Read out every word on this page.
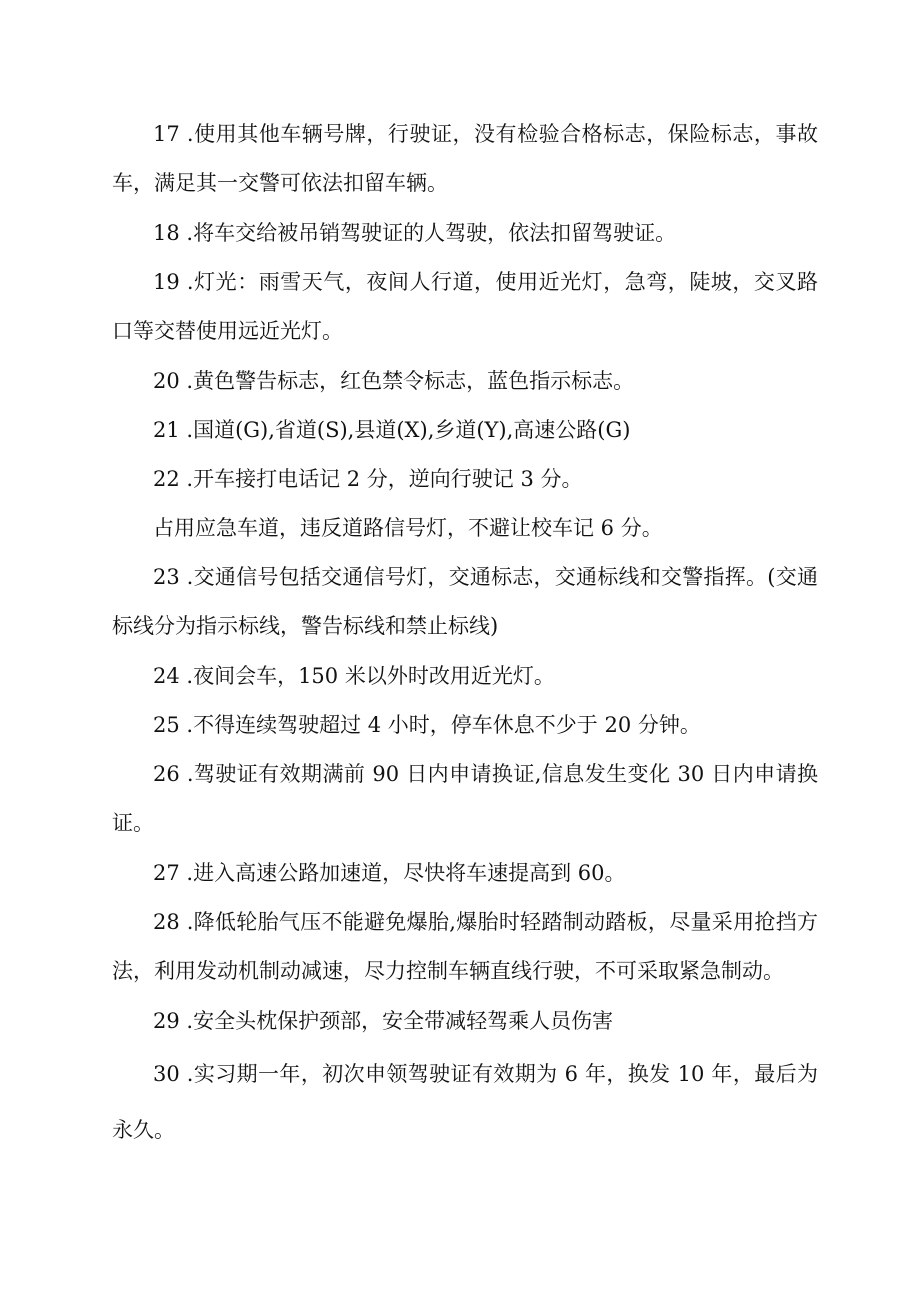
17 .使用其他车辆号牌，行驶证，没有检验合格标志，保险标志，事故车，满足其一交警可依法扣留车辆。

18 .将车交给被吊销驾驶证的人驾驶，依法扣留驾驶证。

19 .灯光：雨雪天气，夜间人行道，使用近光灯，急弯，陡坡，交叉路口等交替使用远近光灯。

20 .黄色警告标志，红色禁令标志，蓝色指示标志。

21 .国道(G),省道(S),县道(X),乡道(Y),高速公路(G)

22 .开车接打电话记 2 分，逆向行驶记 3 分。

占用应急车道，违反道路信号灯，不避让校车记 6 分。

23 .交通信号包括交通信号灯，交通标志，交通标线和交警指挥。(交通标线分为指示标线，警告标线和禁止标线)

24 .夜间会车，150 米以外时改用近光灯。

25 .不得连续驾驶超过 4 小时，停车休息不少于 20 分钟。

26 .驾驶证有效期满前 90 日内申请换证,信息发生变化 30 日内申请换证。

27 .进入高速公路加速道，尽快将车速提高到 60。

28 .降低轮胎气压不能避免爆胎,爆胎时轻踏制动踏板，尽量采用抢挡方法，利用发动机制动减速，尽力控制车辆直线行驶，不可采取紧急制动。

29 .安全头枕保护颈部，安全带减轻驾乘人员伤害

30 .实习期一年，初次申领驾驶证有效期为 6 年，换发 10 年，最后为永久。
